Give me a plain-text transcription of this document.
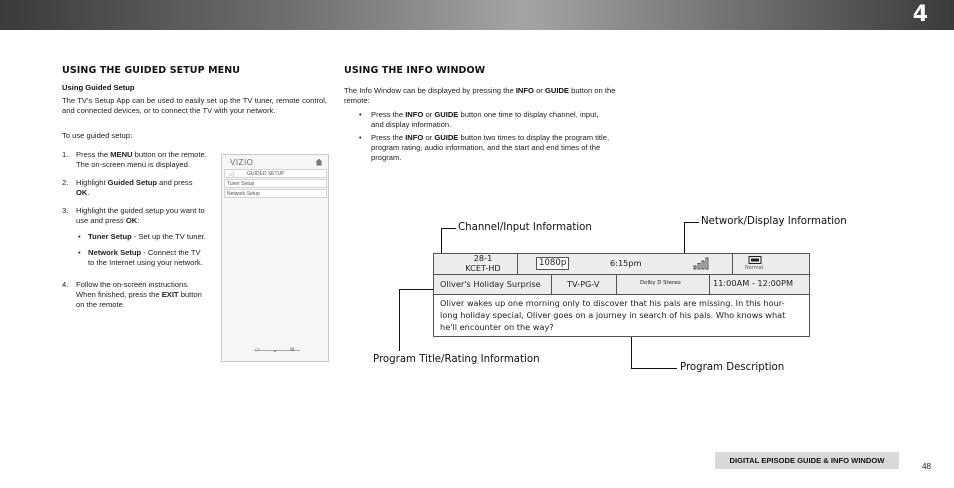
4
USING THE GUIDED SETUP MENU
Using Guided Setup
The TV's Setup App can be used to easily set up the TV tuner, remote control, and connected devices, or to connect the TV with your network.
To use guided setup:
1. Press the MENU button on the remote. The on-screen menu is displayed.
2. Highlight Guided Setup and press OK.
3. Highlight the guided setup you want to use and press OK:
• Tuner Setup - Set up the TV tuner.
• Network Setup - Connect the TV to the Internet using your network.
4. Follow the on-screen instructions. When finished, press the EXIT button on the remote.
VIZIO
◁	GUIDED SETUP
Tuner Setup
Network Setup
▭ ⌄ ⚙
USING THE INFO WINDOW
The Info Window can be displayed by pressing the INFO or GUIDE button on the remote:
• Press the INFO or GUIDE button one time to display channel, input, and display information.
• Press the INFO or GUIDE button two times to display the program title, program rating, audio information, and the start and end times of the program.
Channel/Input Information
Network/Display Information
Program Title/Rating Information
Program Description
28-1
KCET-HD	1080p	6:15pm	Normal
Oliver's Holiday Surprise	TV-PG-V	Dolby D Stereo	11:00AM - 12:00PM
Oliver wakes up one morning only to discover that his pals are missing. In this hour-long holiday special, Oliver goes on a journey in search of his pals. Who knows what he'll encounter on the way?
DIGITAL EPISODE GUIDE & INFO WINDOW
48
